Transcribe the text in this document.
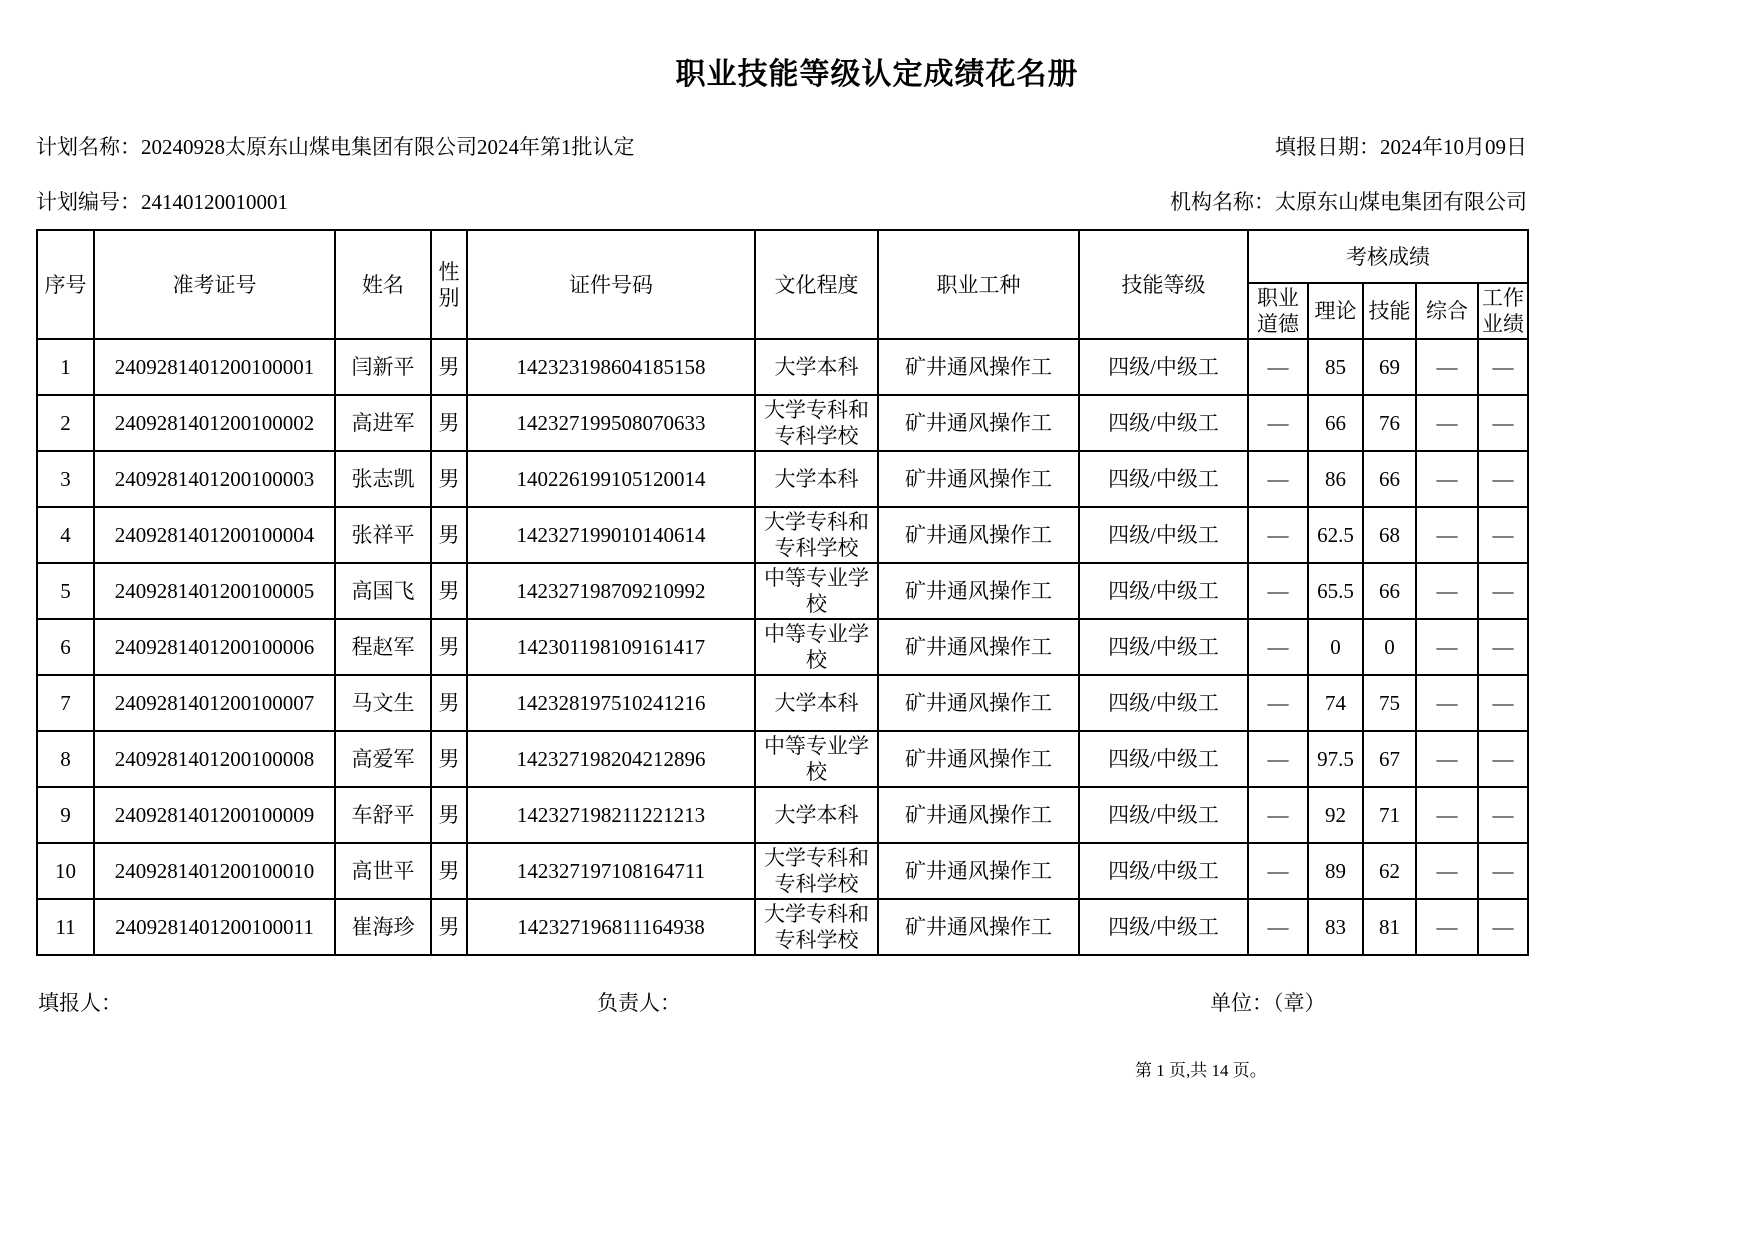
职业技能等级认定成绩花名册
计划名称：20240928太原东山煤电集团有限公司2024年第1批认定	填报日期：2024年10月09日
计划编号：24140120010001	机构名称：太原东山煤电集团有限公司
序号	准考证号	姓名	性别	证件号码	文化程度	职业工种	技能等级	考核成绩				
								职业道德	理论	技能	综合	工作业绩
1	2409281401200100001	闫新平	男	142323198604185158	大学本科	矿井通风操作工	四级/中级工	—	85	69	—	—
2	2409281401200100002	高进军	男	142327199508070633	大学专科和专科学校	矿井通风操作工	四级/中级工	—	66	76	—	—
3	2409281401200100003	张志凯	男	140226199105120014	大学本科	矿井通风操作工	四级/中级工	—	86	66	—	—
4	2409281401200100004	张祥平	男	142327199010140614	大学专科和专科学校	矿井通风操作工	四级/中级工	—	62.5	68	—	—
5	2409281401200100005	高国飞	男	142327198709210992	中等专业学校	矿井通风操作工	四级/中级工	—	65.5	66	—	—
6	2409281401200100006	程赵军	男	142301198109161417	中等专业学校	矿井通风操作工	四级/中级工	—	0	0	—	—
7	2409281401200100007	马文生	男	142328197510241216	大学本科	矿井通风操作工	四级/中级工	—	74	75	—	—
8	2409281401200100008	高爱军	男	142327198204212896	中等专业学校	矿井通风操作工	四级/中级工	—	97.5	67	—	—
9	2409281401200100009	车舒平	男	142327198211221213	大学本科	矿井通风操作工	四级/中级工	—	92	71	—	—
10	2409281401200100010	高世平	男	142327197108164711	大学专科和专科学校	矿井通风操作工	四级/中级工	—	89	62	—	—
11	2409281401200100011	崔海珍	男	142327196811164938	大学专科和专科学校	矿井通风操作工	四级/中级工	—	83	81	—	—
填报人：	负责人：	单位：（章）
第 1 页,共 14 页。
